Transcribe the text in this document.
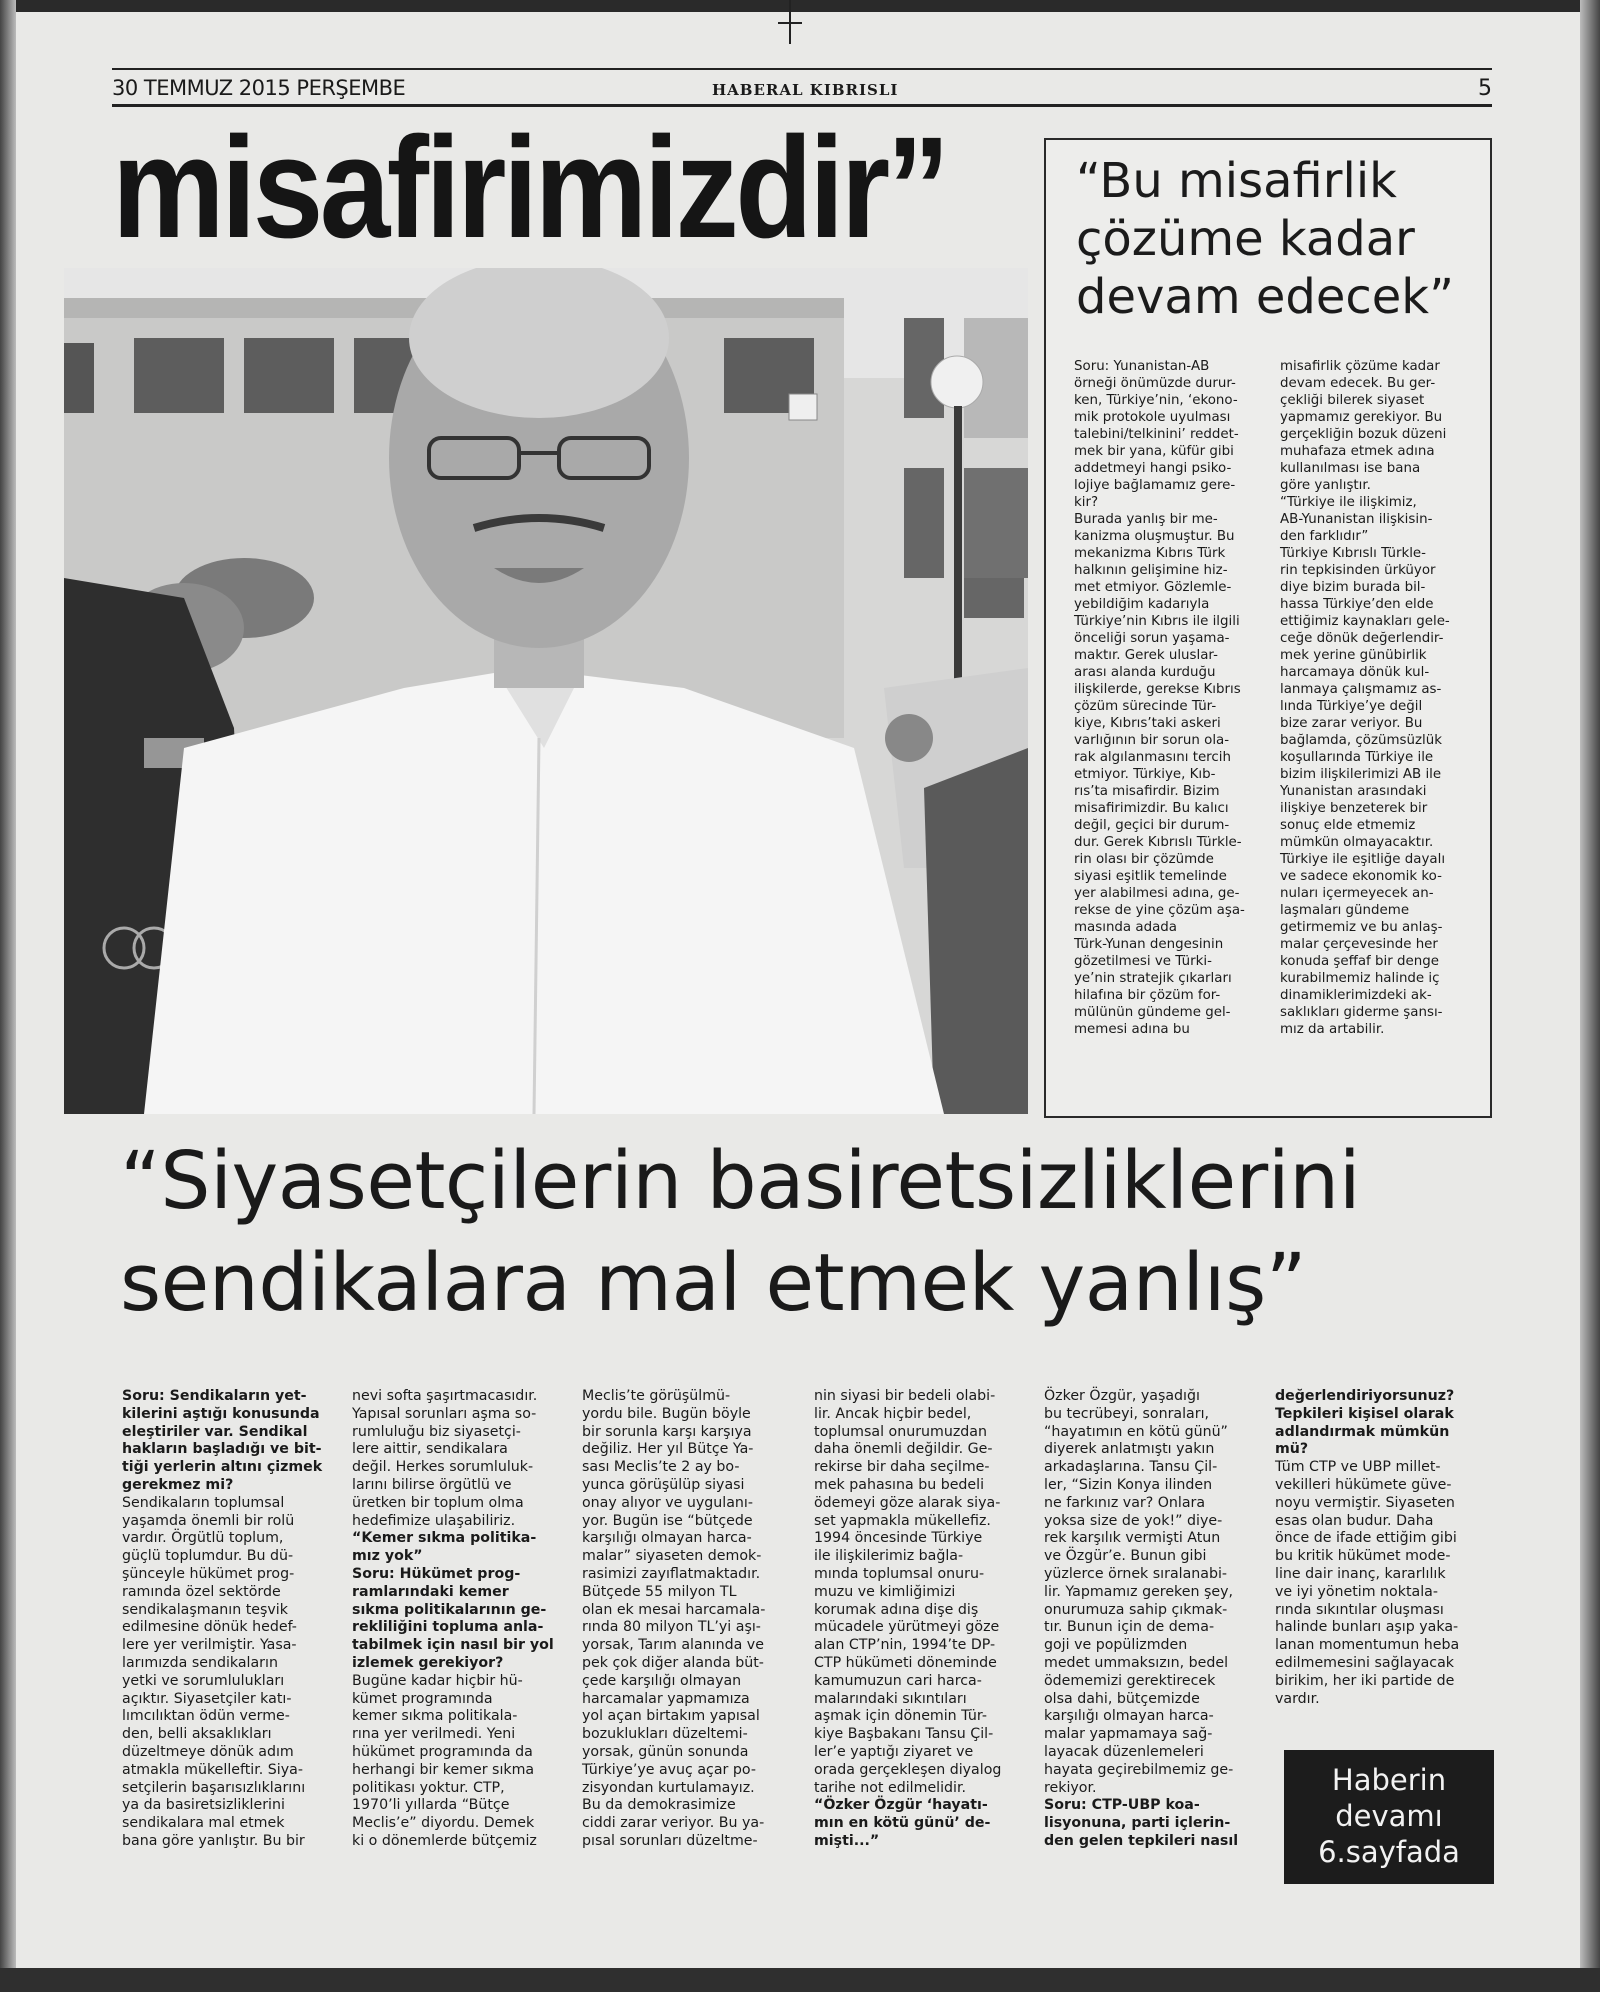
30 TEMMUZ 2015 PERŞEMBE	HABERAL KIBRISLI	5
misafirimizdir”	“Bu misafirlik çözüme kadar devam edecek”

Soru: Yunanistan-AB
örneği önümüzde durur-
ken, Türkiye’nin, ‘ekono-
mik protokole uyulması
talebini/telkinini’ reddet-
mek bir yana, küfür gibi
addetmeyi hangi psiko-
lojiye bağlamamız gere-
kir?
Burada yanlış bir me-
kanizma oluşmuştur. Bu
mekanizma Kıbrıs Türk
halkının gelişimine hiz-
met etmiyor. Gözlemle-
yebildiğim kadarıyla
Türkiye’nin Kıbrıs ile ilgili
önceliği sorun yaşama-
maktır. Gerek uluslar-
arası alanda kurduğu
ilişkilerde, gerekse Kıbrıs
çözüm sürecinde Tür-
kiye, Kıbrıs’taki askeri
varlığının bir sorun ola-
rak algılanmasını tercih
etmiyor. Türkiye, Kıb-
rıs’ta misafirdir. Bizim
misafirimizdir. Bu kalıcı
değil, geçici bir durum-
dur. Gerek Kıbrıslı Türkle-
rin olası bir çözümde
siyasi eşitlik temelinde
yer alabilmesi adına, ge-
rekse de yine çözüm aşa-
masında adada
Türk-Yunan dengesinin
gözetilmesi ve Türki-
ye’nin stratejik çıkarları
hilafına bir çözüm for-
mülünün gündeme gel-
memesi adına bu

misafirlik çözüme kadar
devam edecek. Bu ger-
çekliği bilerek siyaset
yapmamız gerekiyor. Bu
gerçekliğin bozuk düzeni
muhafaza etmek adına
kullanılması ise bana
göre yanlıştır.
“Türkiye ile ilişkimiz,
AB-Yunanistan ilişkisin-
den farklıdır”
Türkiye Kıbrıslı Türkle-
rin tepkisinden ürküyor
diye bizim burada bil-
hassa Türkiye’den elde
ettiğimiz kaynakları gele-
ceğe dönük değerlendir-
mek yerine günübirlik
harcamaya dönük kul-
lanmaya çalışmamız as-
lında Türkiye’ye değil
bize zarar veriyor. Bu
bağlamda, çözümsüzlük
koşullarında Türkiye ile
bizim ilişkilerimizi AB ile
Yunanistan arasındaki
ilişkiye benzeterek bir
sonuç elde etmemiz
mümkün olmayacaktır.
Türkiye ile eşitliğe dayalı
ve sadece ekonomik ko-
nuları içermeyecek an-
laşmaları gündeme
getirmemiz ve bu anlaş-
malar çerçevesinde her
konuda şeffaf bir denge
kurabilmemiz halinde iç
dinamiklerimizdeki ak-
saklıkları giderme şansı-
mız da artabilir.

“Siyasetçilerin basiretsizliklerini
sendikalara mal etmek yanlış”

Soru: Sendikaların yet-
kilerini aştığı konusunda
eleştiriler var. Sendikal
hakların başladığı ve bit-
tiği yerlerin altını çizmek
gerekmez mi?

Sendikaların toplumsal
yaşamda önemli bir rolü
vardır. Örgütlü toplum,
güçlü toplumdur. Bu dü-
şünceyle hükümet prog-
ramında özel sektörde
sendikalaşmanın teşvik
edilmesine dönük hedef-
lere yer verilmiştir. Yasa-
larımızda sendikaların
yetki ve sorumlulukları
açıktır. Siyasetçiler katı-
lımcılıktan ödün verme-
den, belli aksaklıkları
düzeltmeye dönük adım
atmakla mükelleftir. Siya-
setçilerin başarısızlıklarını
ya da basiretsizliklerini
sendikalara mal etmek
bana göre yanlıştır. Bu bir

nevi softa şaşırtmacasıdır.
Yapısal sorunları aşma so-
rumluluğu biz siyasetçi-
lere aittir, sendikalara
değil. Herkes sorumluluk-
larını bilirse örgütlü ve
üretken bir toplum olma
hedefimize ulaşabiliriz.

“Kemer sıkma politika-
mız yok”

Soru: Hükümet prog-
ramlarındaki kemer
sıkma politikalarının ge-
rekliliğini topluma anla-
tabilmek için nasıl bir yol
izlemek gerekiyor?

Bugüne kadar hiçbir hü-
kümet programında
kemer sıkma politikala-
rına yer verilmedi. Yeni
hükümet programında da
herhangi bir kemer sıkma
politikası yoktur. CTP,
1970’li yıllarda “Bütçe
Meclis’e” diyordu. Demek
ki o dönemlerde bütçemiz

Meclis’te görüşülmü-
yordu bile. Bugün böyle
bir sorunla karşı karşıya
değiliz. Her yıl Bütçe Ya-
sası Meclis’te 2 ay bo-
yunca görüşülüp siyasi
onay alıyor ve uygulanı-
yor. Bugün ise “bütçede
karşılığı olmayan harca-
malar” siyaseten demok-
rasimizi zayıflatmaktadır.
Bütçede 55 milyon TL
olan ek mesai harcamala-
rında 80 milyon TL’yi aşı-
yorsak, Tarım alanında ve
pek çok diğer alanda büt-
çede karşılığı olmayan
harcamalar yapmamıza
yol açan birtakım yapısal
bozuklukları düzeltemi-
yorsak, günün sonunda
Türkiye’ye avuç açar po-
zisyondan kurtulamayız.
Bu da demokrasimize
ciddi zarar veriyor. Bu ya-
pısal sorunları düzeltme-

nin siyasi bir bedeli olabi-
lir. Ancak hiçbir bedel,
toplumsal onurumuzdan
daha önemli değildir. Ge-
rekirse bir daha seçilme-
mek pahasına bu bedeli
ödemeyi göze alarak siya-
set yapmakla mükellefiz.
1994 öncesinde Türkiye
ile ilişkilerimiz bağla-
mında toplumsal onuru-
muzu ve kimliğimizi
korumak adına dişe diş
mücadele yürütmeyi göze
alan CTP’nin, 1994’te DP-
CTP hükümeti döneminde
kamumuzun cari harca-
malarındaki sıkıntıları
aşmak için dönemin Tür-
kiye Başbakanı Tansu Çil-
ler’e yaptığı ziyaret ve
orada gerçekleşen diyalog
tarihe not edilmelidir.

“Özker Özgür ‘hayatı-
mın en kötü günü’ de-
mişti...”

Özker Özgür, yaşadığı
bu tecrübeyi, sonraları,
“hayatımın en kötü günü”
diyerek anlatmıştı yakın
arkadaşlarına. Tansu Çil-
ler, “Sizin Konya ilinden
ne farkınız var? Onlara
yoksa size de yok!” diye-
rek karşılık vermişti Atun
ve Özgür’e. Bunun gibi
yüzlerce örnek sıralanabi-
lir. Yapmamız gereken şey,
onurumuza sahip çıkmak-
tır. Bunun için de dema-
goji ve popülizmden
medet ummaksızın, bedel
ödememizi gerektirecek
olsa dahi, bütçemizde
karşılığı olmayan harca-
malar yapmamaya sağ-
layacak düzenlemeleri
hayata geçirebilmemiz ge-
rekiyor.

Soru: CTP-UBP koa-
lisyonuna, parti içlerin-
den gelen tepkileri nasıl

değerlendiriyorsunuz?
Tepkileri kişisel olarak
adlandırmak mümkün
mü?

Tüm CTP ve UBP millet-
vekilleri hükümete güve-
noyu vermiştir. Siyaseten
esas olan budur. Daha
önce de ifade ettiğim gibi
bu kritik hükümet mode-
line dair inanç, kararlılık
ve iyi yönetim noktala-
rında sıkıntılar oluşması
halinde bunları aşıp yaka-
lanan momentumun heba
edilmemesini sağlayacak
birikim, her iki partide de
vardır.

Haberin
devamı
6.sayfada
